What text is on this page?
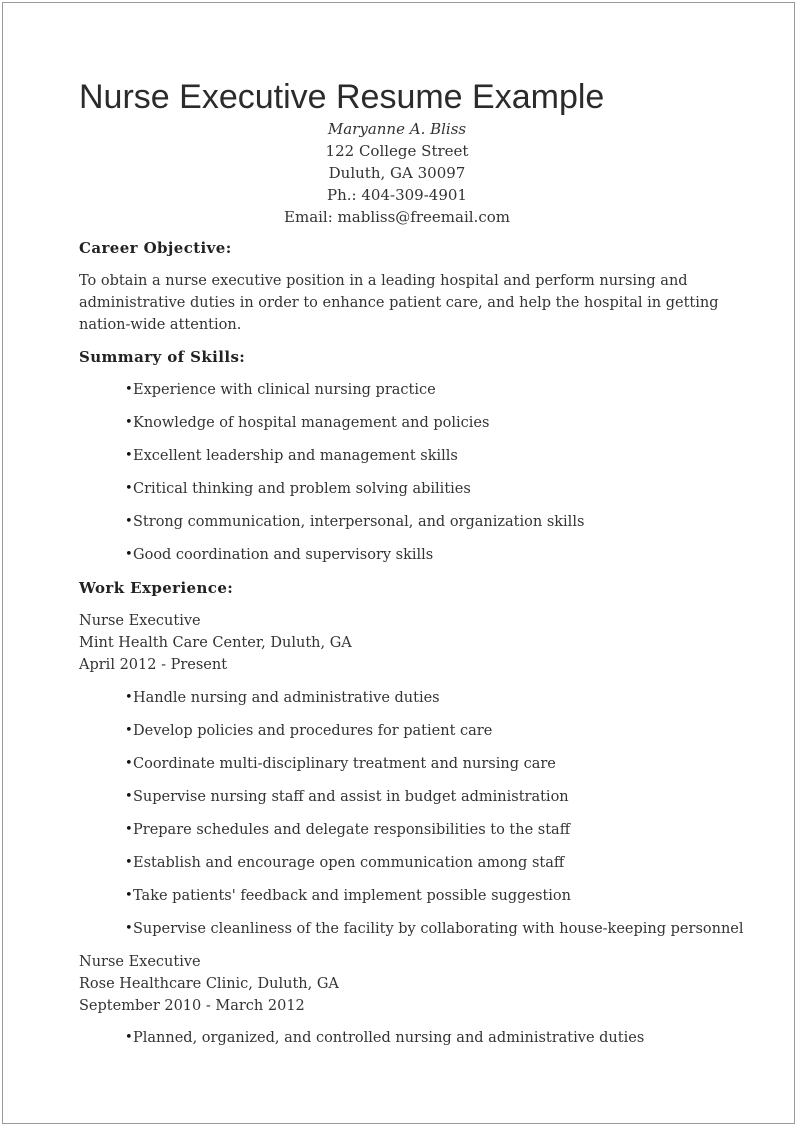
Nurse Executive Resume Example
Maryanne A. Bliss
122 College Street
Duluth, GA 30097
Ph.: 404-309-4901
Email: mabliss@freemail.com
Career Objective:
To obtain a nurse executive position in a leading hospital and perform nursing and administrative duties in order to enhance patient care, and help the hospital in getting nation-wide attention.
Summary of Skills:
• Experience with clinical nursing practice
• Knowledge of hospital management and policies
• Excellent leadership and management skills
• Critical thinking and problem solving abilities
• Strong communication, interpersonal, and organization skills
• Good coordination and supervisory skills
Work Experience:
Nurse Executive
Mint Health Care Center, Duluth, GA
April 2012 - Present
• Handle nursing and administrative duties
• Develop policies and procedures for patient care
• Coordinate multi-disciplinary treatment and nursing care
• Supervise nursing staff and assist in budget administration
• Prepare schedules and delegate responsibilities to the staff
• Establish and encourage open communication among staff
• Take patients' feedback and implement possible suggestion
• Supervise cleanliness of the facility by collaborating with house-keeping personnel
Nurse Executive
Rose Healthcare Clinic, Duluth, GA
September 2010 - March 2012
• Planned, organized, and controlled nursing and administrative duties
